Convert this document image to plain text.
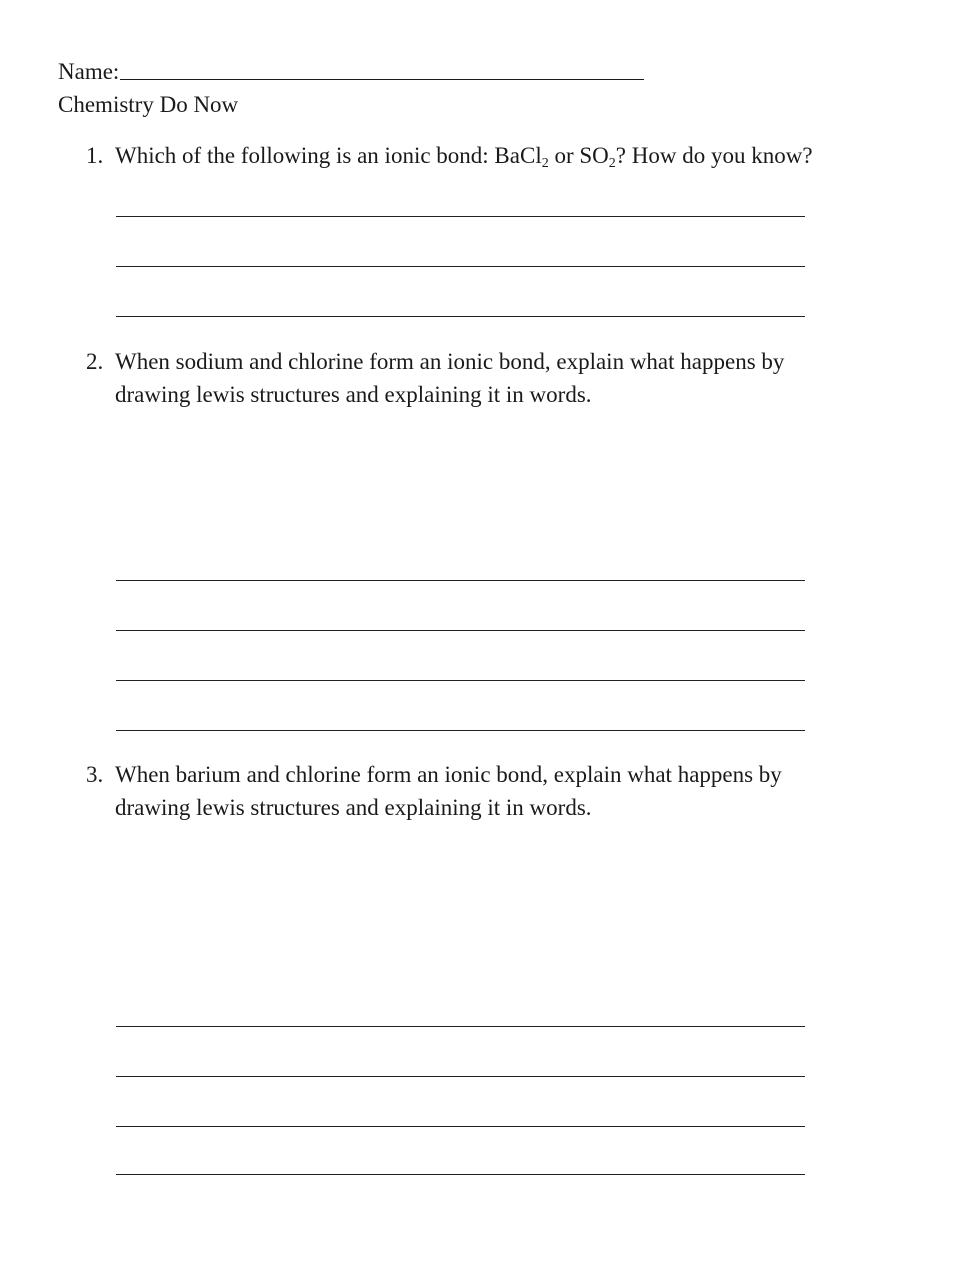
Name:
Chemistry Do Now
1. Which of the following is an ionic bond: BaCl$_2$ or $SO_2$? How do you know?
2. When sodium and chlorine form an ionic bond, explain what happens by
drawing lewis structures and explaining it in words.
3. When barium and chlorine form an ionic bond, explain what happens by
drawing lewis structures and explaining it in words.
